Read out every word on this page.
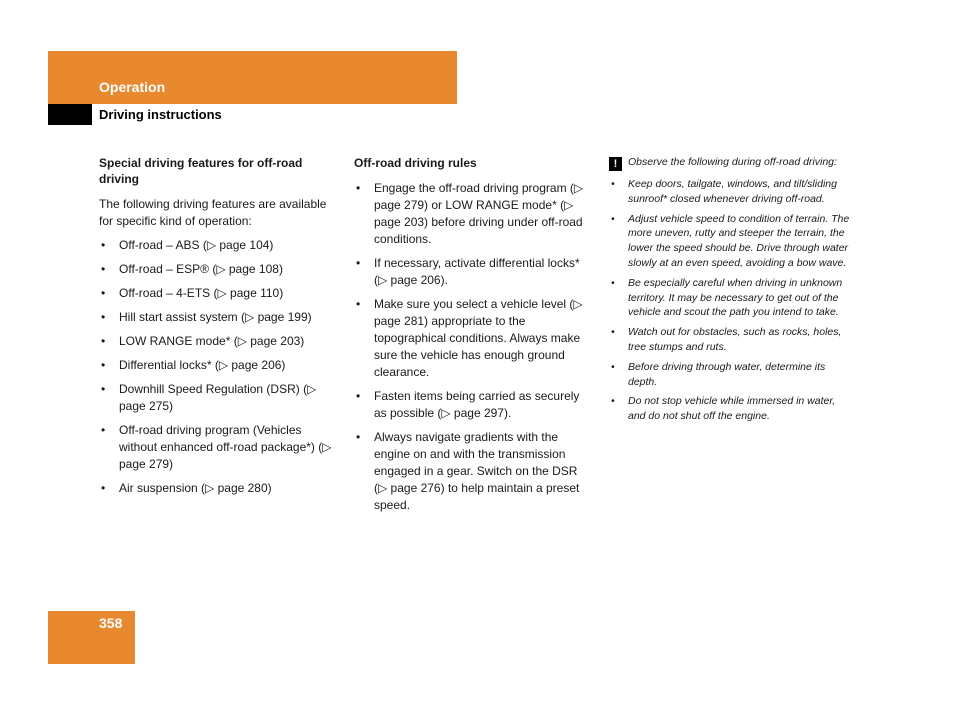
Operation
Driving instructions
Special driving features for off-road driving

The following driving features are available for specific kind of operation:

• Off-road – ABS (▷ page 104)
• Off-road – ESP® (▷ page 108)
• Off-road – 4-ETS (▷ page 110)
• Hill start assist system (▷ page 199)
• LOW RANGE mode* (▷ page 203)
• Differential locks* (▷ page 206)
• Downhill Speed Regulation (DSR) (▷ page 275)
• Off-road driving program (Vehicles without enhanced off-road package*) (▷ page 279)
• Air suspension (▷ page 280)
Off-road driving rules
• Engage the off-road driving program (▷ page 279) or LOW RANGE mode* (▷ page 203) before driving under off-road conditions.
• If necessary, activate differential locks* (▷ page 206).
• Make sure you select a vehicle level (▷ page 281) appropriate to the topographical conditions. Always make sure the vehicle has enough ground clearance.
• Fasten items being carried as securely as possible (▷ page 297).
• Always navigate gradients with the engine on and with the transmission engaged in a gear. Switch on the DSR (▷ page 276) to help maintain a preset speed.

! Observe the following during off-road driving:

• Keep doors, tailgate, windows, and tilt/sliding sunroof* closed whenever driving off-road.
• Adjust vehicle speed to condition of terrain. The more uneven, rutty and steeper the terrain, the lower the speed should be. Drive through water slowly at an even speed, avoiding a bow wave.
• Be especially careful when driving in unknown territory. It may be necessary to get out of the vehicle and scout the path you intend to take.
• Watch out for obstacles, such as rocks, holes, tree stumps and ruts.
• Before driving through water, determine its depth.
• Do not stop vehicle while immersed in water, and do not shut off the engine.
358
